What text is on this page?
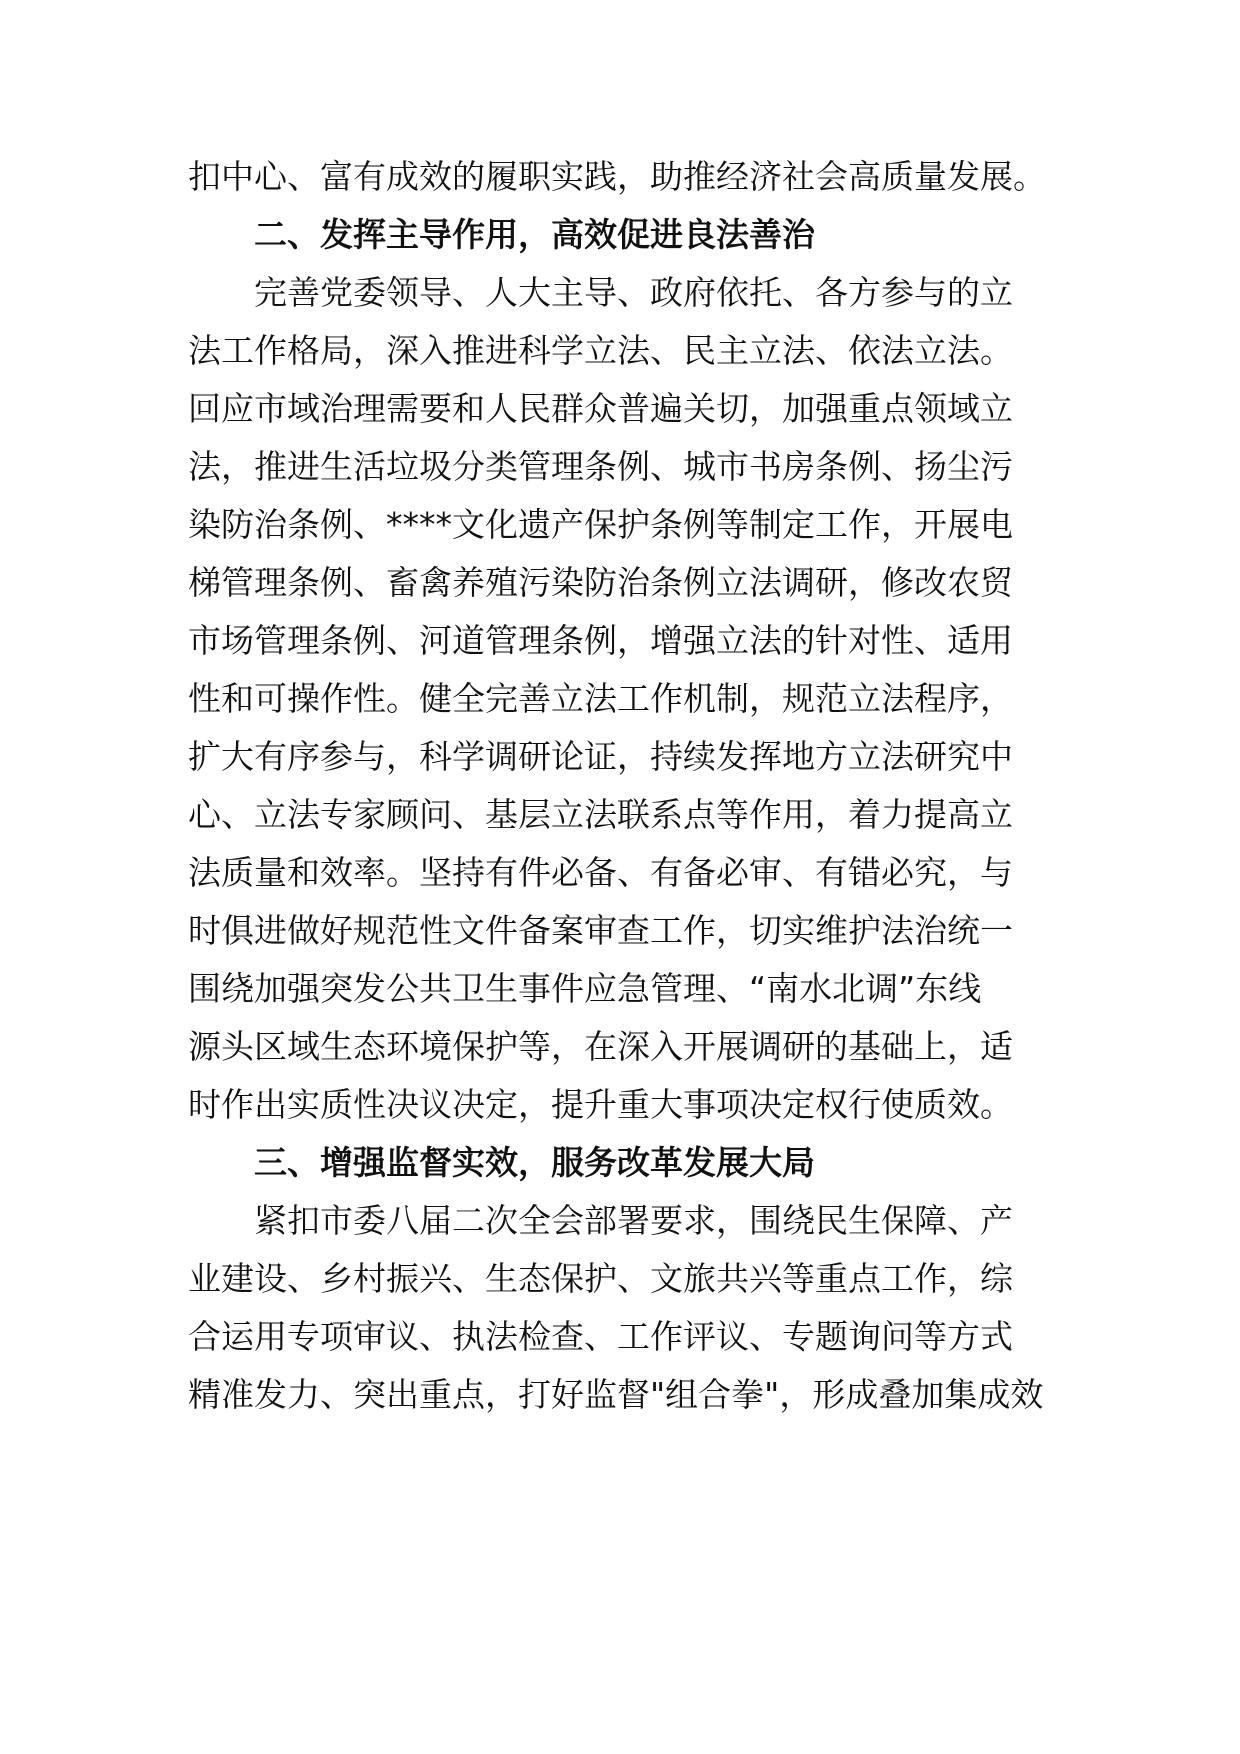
扣中心、富有成效的履职实践，助推经济社会高质量发展。
二、发挥主导作用，高效促进良法善治
完善党委领导、人大主导、政府依托、各方参与的立
法工作格局，深入推进科学立法、民主立法、依法立法。
回应市域治理需要和人民群众普遍关切，加强重点领域立
法，推进生活垃圾分类管理条例、城市书房条例、扬尘污
染防治条例、****文化遗产保护条例等制定工作，开展电
梯管理条例、畜禽养殖污染防治条例立法调研，修改农贸
市场管理条例、河道管理条例，增强立法的针对性、适用
性和可操作性。健全完善立法工作机制，规范立法程序，
扩大有序参与，科学调研论证，持续发挥地方立法研究中
心、立法专家顾问、基层立法联系点等作用，着力提高立
法质量和效率。坚持有件必备、有备必审、有错必究，与
时俱进做好规范性文件备案审查工作，切实维护法治统一
围绕加强突发公共卫生事件应急管理、“南水北调”东线
源头区域生态环境保护等，在深入开展调研的基础上，适
时作出实质性决议决定，提升重大事项决定权行使质效。
三、增强监督实效，服务改革发展大局
紧扣市委八届二次全会部署要求，围绕民生保障、产
业建设、乡村振兴、生态保护、文旅共兴等重点工作，综
合运用专项审议、执法检查、工作评议、专题询问等方式
精准发力、突出重点，打好监督"组合拳"，形成叠加集成效
